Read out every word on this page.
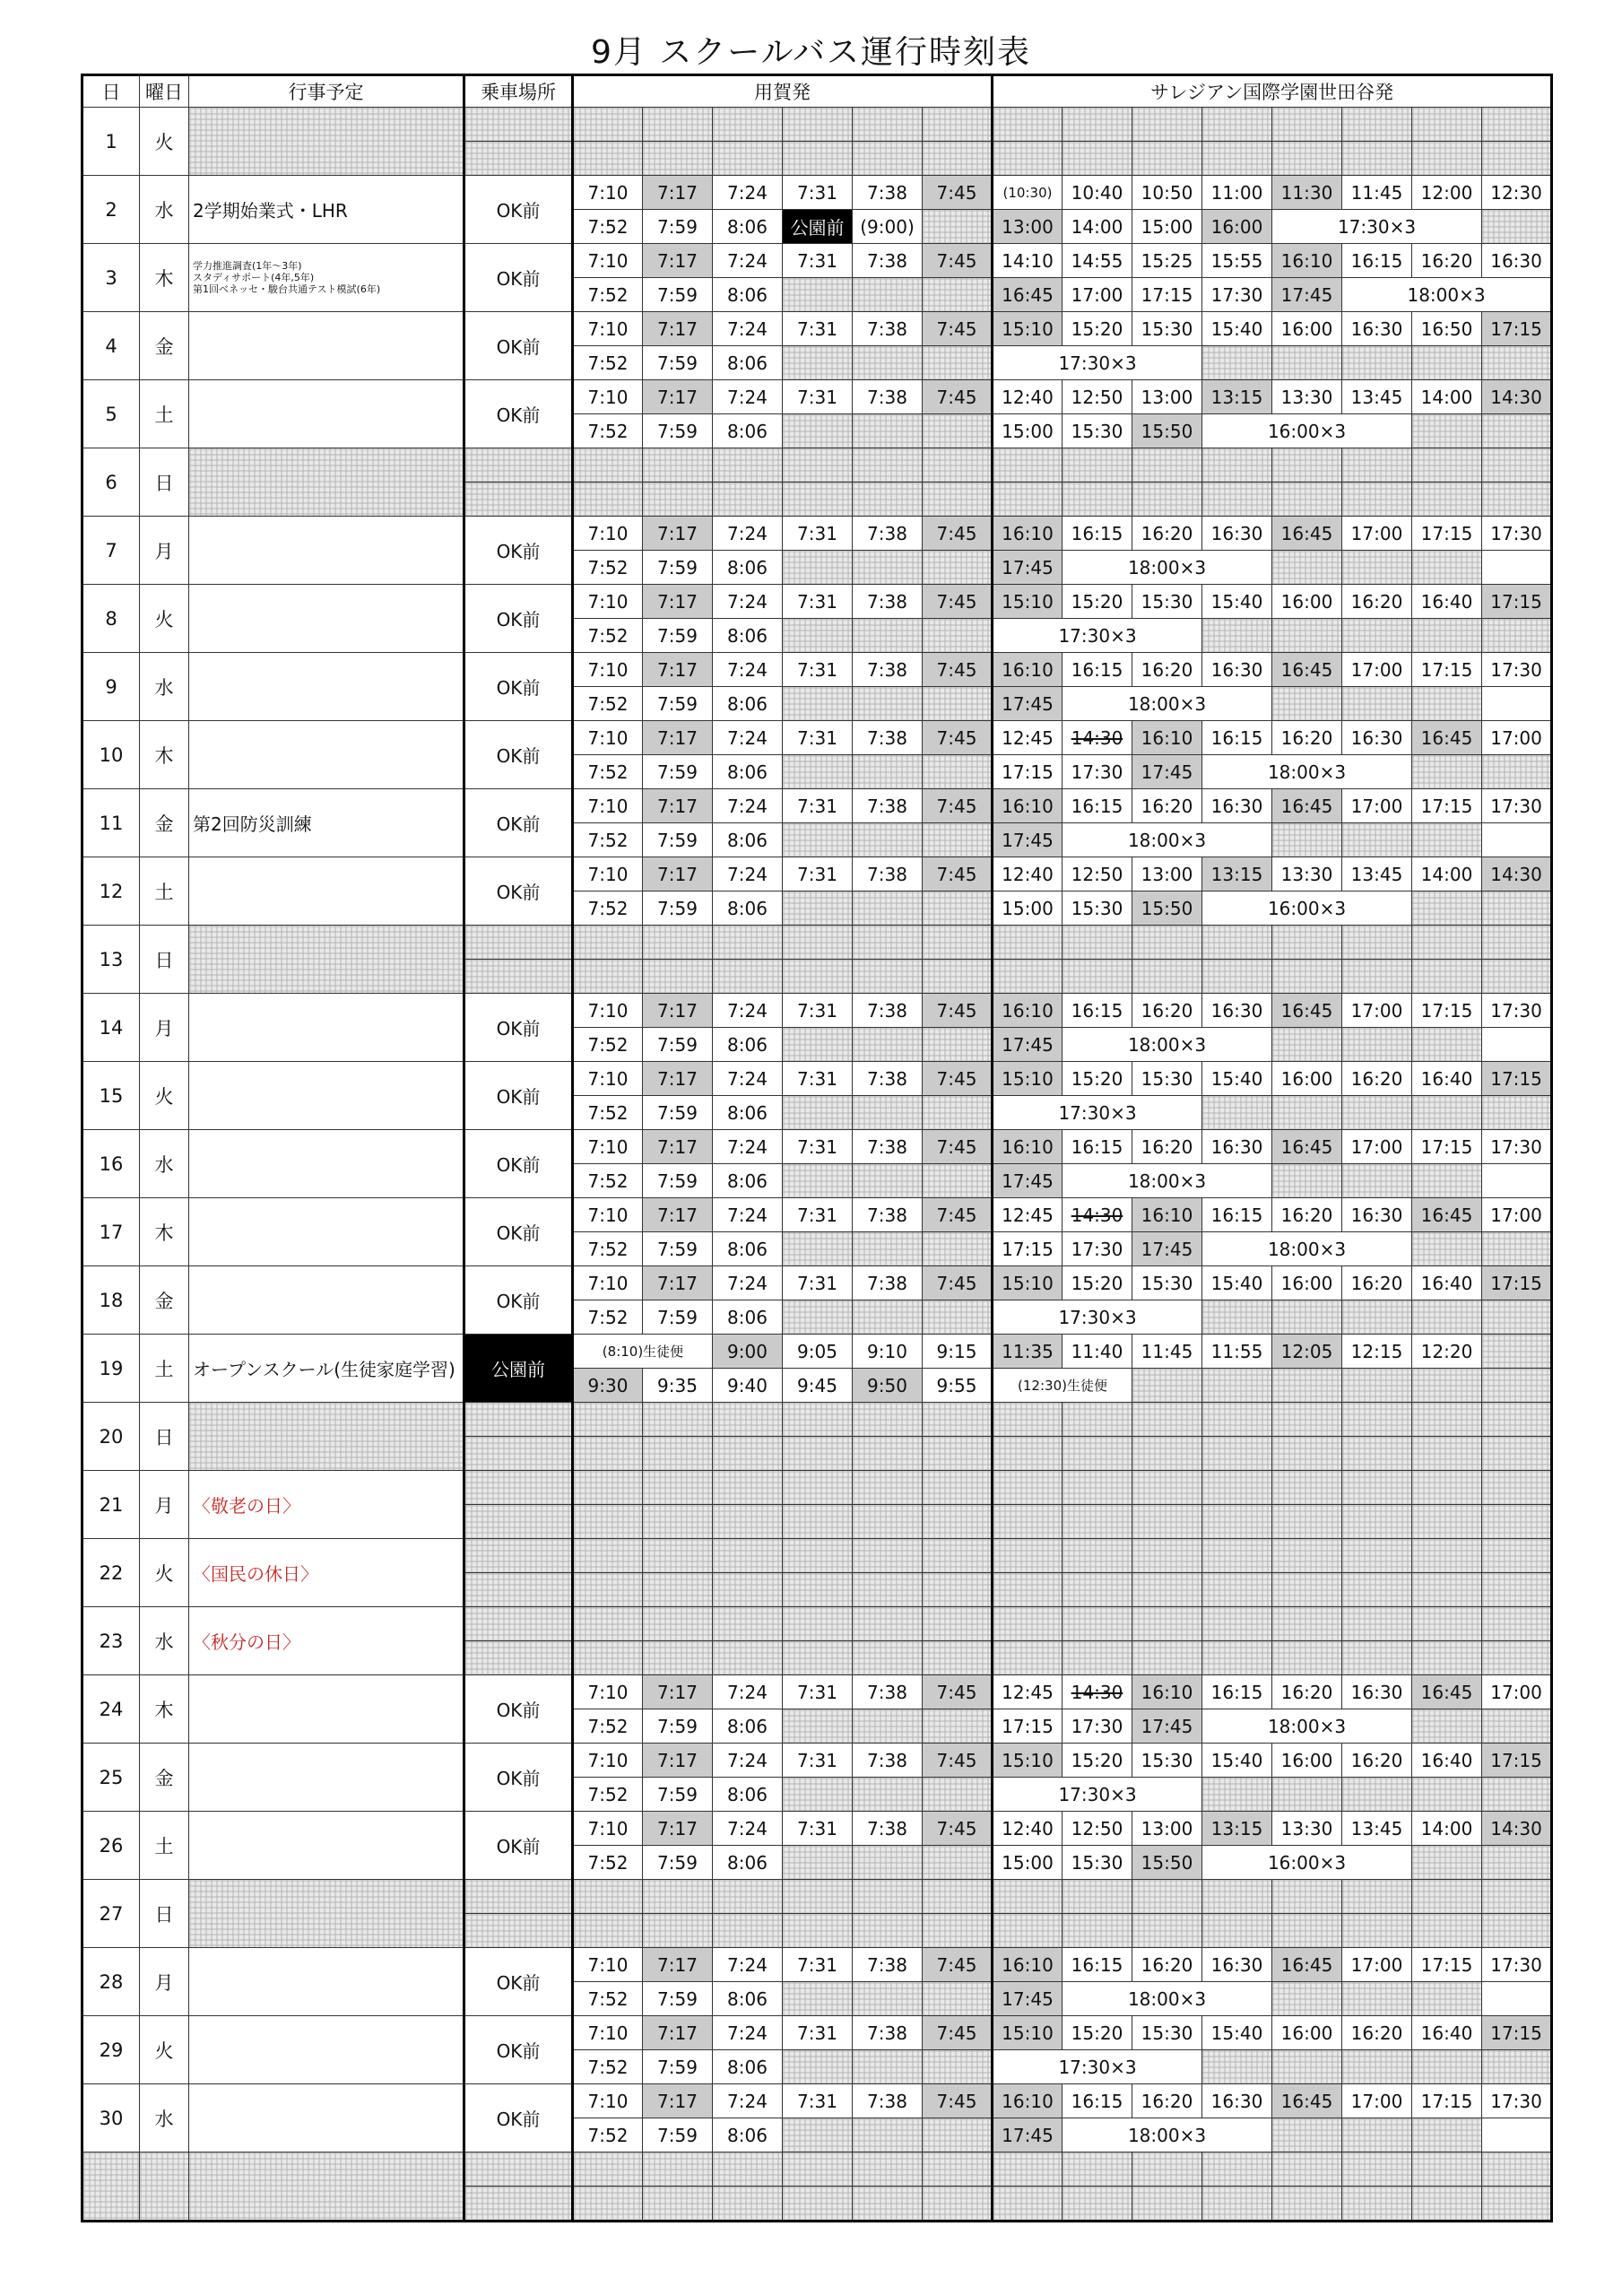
9月 スクールバス運行時刻表
日	曜日	行事予定	乗車場所	用賀発						サレジアン国際学園世田谷発							
1	火																

2	水	2学期始業式・LHR	OK前	7:10	7:17	7:24	7:31	7:38	7:45	(10:30)	10:40	10:50	11:00	11:30	11:45	12:00	12:30
				7:52	7:59	8:06	公園前	(9:00)		13:00	14:00	15:00	16:00	17:30×3			
3	木	学力推進調査(1年～3年)
スタディサポート(4年,5年)
第1回ベネッセ・駿台共通テスト模試(6年)	OK前	7:10	7:17	7:24	7:31	7:38	7:45	14:10	14:55	15:25	15:55	16:10	16:15	16:20	16:30
				7:52	7:59	8:06				16:45	17:00	17:15	17:30	17:45	18:00×3		
4	金		OK前	7:10	7:17	7:24	7:31	7:38	7:45	15:10	15:20	15:30	15:40	16:00	16:30	16:50	17:15
				7:52	7:59	8:06				17:30×3							
5	土		OK前	7:10	7:17	7:24	7:31	7:38	7:45	12:40	12:50	13:00	13:15	13:30	13:45	14:00	14:30
				7:52	7:59	8:06				15:00	15:30	15:50	16:00×3				
6	日																

7	月		OK前	7:10	7:17	7:24	7:31	7:38	7:45	16:10	16:15	16:20	16:30	16:45	17:00	17:15	17:30
				7:52	7:59	8:06				17:45	18:00×3						
8	火		OK前	7:10	7:17	7:24	7:31	7:38	7:45	15:10	15:20	15:30	15:40	16:00	16:20	16:40	17:15
				7:52	7:59	8:06				17:30×3							
9	水		OK前	7:10	7:17	7:24	7:31	7:38	7:45	16:10	16:15	16:20	16:30	16:45	17:00	17:15	17:30
				7:52	7:59	8:06				17:45	18:00×3						
10	木		OK前	7:10	7:17	7:24	7:31	7:38	7:45	12:45	14:30	16:10	16:15	16:20	16:30	16:45	17:00
				7:52	7:59	8:06				17:15	17:30	17:45	18:00×3				
11	金	第2回防災訓練	OK前	7:10	7:17	7:24	7:31	7:38	7:45	16:10	16:15	16:20	16:30	16:45	17:00	17:15	17:30
				7:52	7:59	8:06				17:45	18:00×3						
12	土		OK前	7:10	7:17	7:24	7:31	7:38	7:45	12:40	12:50	13:00	13:15	13:30	13:45	14:00	14:30
				7:52	7:59	8:06				15:00	15:30	15:50	16:00×3				
13	日																

14	月		OK前	7:10	7:17	7:24	7:31	7:38	7:45	16:10	16:15	16:20	16:30	16:45	17:00	17:15	17:30
				7:52	7:59	8:06				17:45	18:00×3						
15	火		OK前	7:10	7:17	7:24	7:31	7:38	7:45	15:10	15:20	15:30	15:40	16:00	16:20	16:40	17:15
				7:52	7:59	8:06				17:30×3							
16	水		OK前	7:10	7:17	7:24	7:31	7:38	7:45	16:10	16:15	16:20	16:30	16:45	17:00	17:15	17:30
				7:52	7:59	8:06				17:45	18:00×3						
17	木		OK前	7:10	7:17	7:24	7:31	7:38	7:45	12:45	14:30	16:10	16:15	16:20	16:30	16:45	17:00
				7:52	7:59	8:06				17:15	17:30	17:45	18:00×3				
18	金		OK前	7:10	7:17	7:24	7:31	7:38	7:45	15:10	15:20	15:30	15:40	16:00	16:20	16:40	17:15
				7:52	7:59	8:06				17:30×3							
19	土	オープンスクール(生徒家庭学習)	公園前	(8:10)生徒便		9:00	9:05	9:10	9:15	11:35	11:40	11:45	11:55	12:05	12:15	12:20	
				9:30	9:35	9:40	9:45	9:50	9:55	(12:30)生徒便							
20	日																

21	月	〈敬老の日〉															

22	火	〈国民の休日〉															

23	水	〈秋分の日〉															

24	木		OK前	7:10	7:17	7:24	7:31	7:38	7:45	12:45	14:30	16:10	16:15	16:20	16:30	16:45	17:00
				7:52	7:59	8:06				17:15	17:30	17:45	18:00×3				
25	金		OK前	7:10	7:17	7:24	7:31	7:38	7:45	15:10	15:20	15:30	15:40	16:00	16:20	16:40	17:15
				7:52	7:59	8:06				17:30×3							
26	土		OK前	7:10	7:17	7:24	7:31	7:38	7:45	12:40	12:50	13:00	13:15	13:30	13:45	14:00	14:30
				7:52	7:59	8:06				15:00	15:30	15:50	16:00×3				
27	日																

28	月		OK前	7:10	7:17	7:24	7:31	7:38	7:45	16:10	16:15	16:20	16:30	16:45	17:00	17:15	17:30
				7:52	7:59	8:06				17:45	18:00×3						
29	火		OK前	7:10	7:17	7:24	7:31	7:38	7:45	15:10	15:20	15:30	15:40	16:00	16:20	16:40	17:15
				7:52	7:59	8:06				17:30×3							
30	水		OK前	7:10	7:17	7:24	7:31	7:38	7:45	16:10	16:15	16:20	16:30	16:45	17:00	17:15	17:30
				7:52	7:59	8:06				17:45	18:00×3						
